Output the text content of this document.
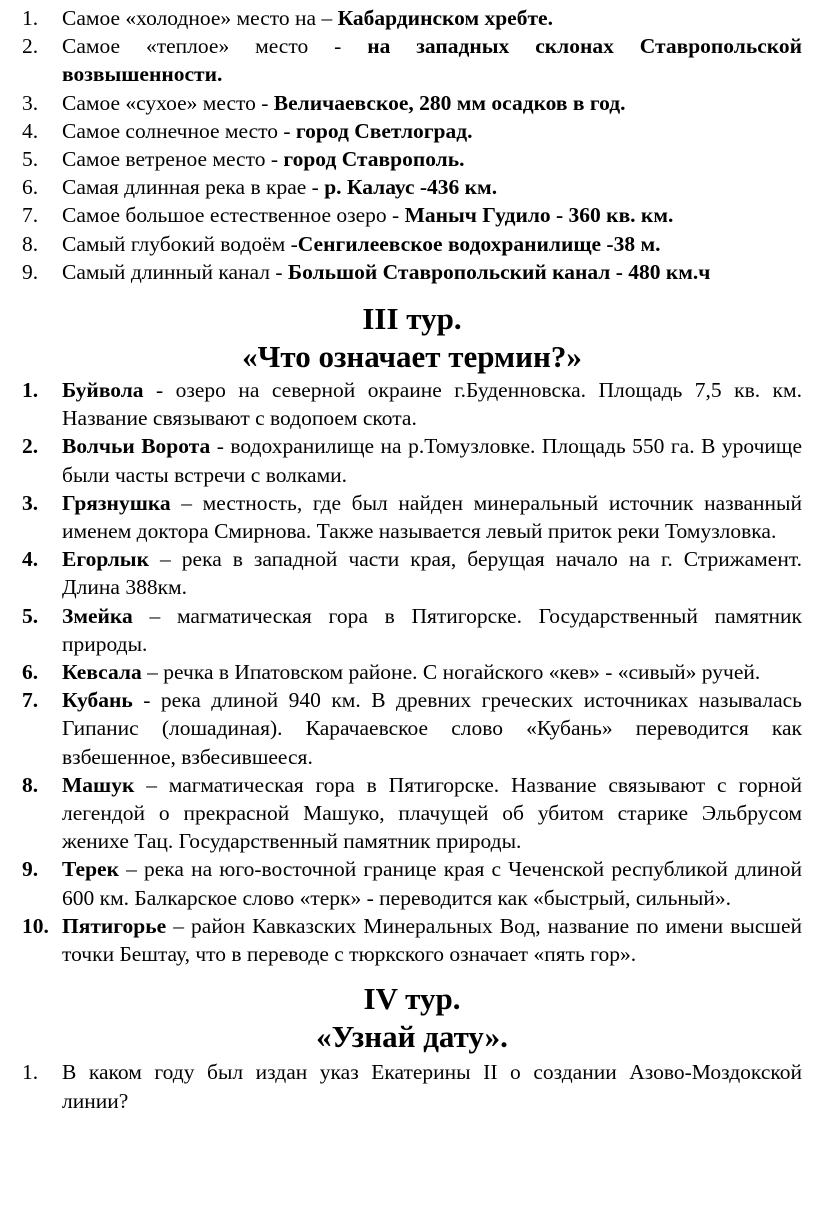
1. Самое «холодное» место на – Кабардинском хребте.
2. Самое «теплое» место - на западных склонах Ставропольской возвышенности.
3. Самое «сухое» место - Величаевское, 280 мм осадков в год.
4. Самое солнечное место - город Светлоград.
5. Самое ветреное место - город Ставрополь.
6. Самая длинная река в крае - р. Калаус -436 км.
7. Самое большое естественное озеро - Маныч Гудило - 360 кв. км.
8. Самый глубокий водоём -Сенгилеевское водохранилище -38 м.
9. Самый длинный канал - Большой Ставропольский канал - 480 км.ч
III тур.
«Что означает термин?»
1. Буйвола - озеро на северной окраине г.Буденновска. Площадь 7,5 кв. км. Название связывают с водопоем скота.
2. Волчьи Ворота - водохранилище на р.Томузловке. Площадь 550 га. В урочище были часты встречи с волками.
3. Грязнушка – местность, где был найден минеральный источник названный именем доктора Смирнова. Также называется левый приток реки Томузловка.
4. Егорлык – река в западной части края, берущая начало на г. Стрижамент. Длина 388км.
5. Змейка – магматическая гора в Пятигорске. Государственный памятник природы.
6. Кевсала – речка в Ипатовском районе. С ногайского «кев» - «сивый» ручей.
7. Кубань - река длиной 940 км. В древних греческих источниках называлась Гипанис (лошадиная). Карачаевское слово «Кубань» переводится как взбешенное, взбесившееся.
8. Машук – магматическая гора в Пятигорске. Название связывают с горной легендой о прекрасной Машуко, плачущей об убитом старике Эльбрусом женихе Тац. Государственный памятник природы.
9. Терек – река на юго-восточной границе края с Чеченской республикой длиной 600 км. Балкарское слово «терк» - переводится как «быстрый, сильный».
10. Пятигорье – район Кавказских Минеральных Вод, название по имени высшей точки Бештау, что в переводе с тюркского означает «пять гор».
IV тур.
«Узнай дату».
1. В каком году был издан указ Екатерины II о создании Азово-Моздокской линии?
